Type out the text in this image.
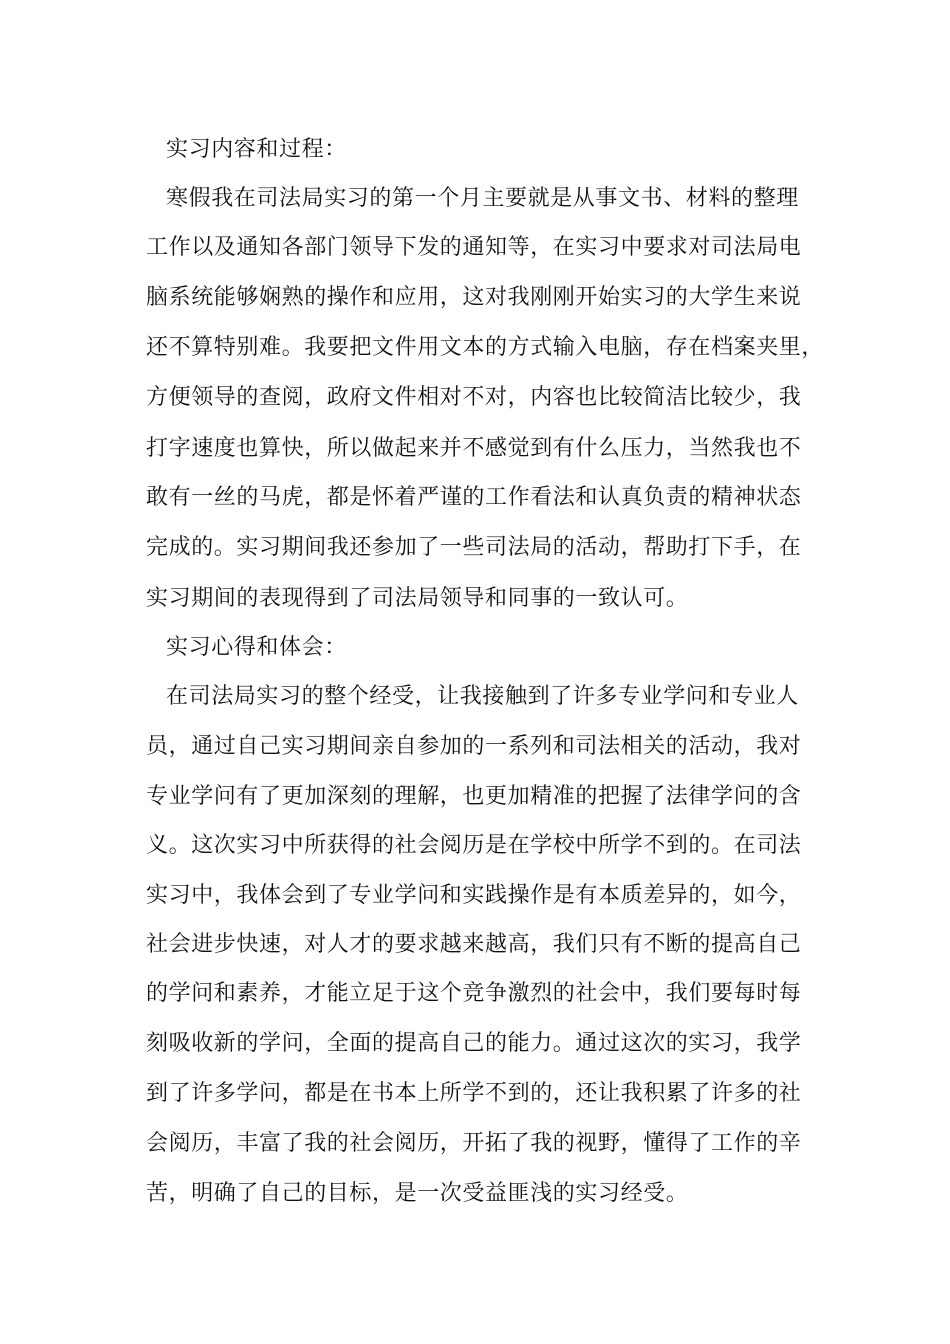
实习内容和过程：
寒假我在司法局实习的第一个月主要就是从事文书、材料的整理
工作以及通知各部门领导下发的通知等，在实习中要求对司法局电
脑系统能够娴熟的操作和应用，这对我刚刚开始实习的大学生来说
还不算特别难。我要把文件用文本的方式输入电脑，存在档案夹里，
方便领导的查阅，政府文件相对不对，内容也比较简洁比较少，我
打字速度也算快，所以做起来并不感觉到有什么压力，当然我也不
敢有一丝的马虎，都是怀着严谨的工作看法和认真负责的精神状态
完成的。实习期间我还参加了一些司法局的活动，帮助打下手，在
实习期间的表现得到了司法局领导和同事的一致认可。
实习心得和体会：
在司法局实习的整个经受，让我接触到了许多专业学问和专业人
员，通过自己实习期间亲自参加的一系列和司法相关的活动，我对
专业学问有了更加深刻的理解，也更加精准的把握了法律学问的含
义。这次实习中所获得的社会阅历是在学校中所学不到的。在司法
实习中，我体会到了专业学问和实践操作是有本质差异的，如今，
社会进步快速，对人才的要求越来越高，我们只有不断的提高自己
的学问和素养，才能立足于这个竞争激烈的社会中，我们要每时每
刻吸收新的学问，全面的提高自己的能力。通过这次的实习，我学
到了许多学问，都是在书本上所学不到的，还让我积累了许多的社
会阅历，丰富了我的社会阅历，开拓了我的视野，懂得了工作的辛
苦，明确了自己的目标，是一次受益匪浅的实习经受。
